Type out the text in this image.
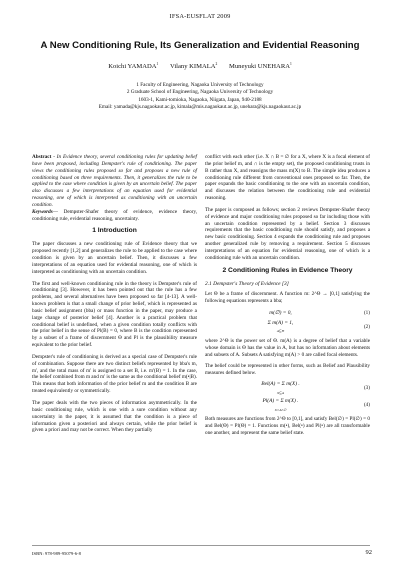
IFSA-EUSFLAT 2009
A New Conditioning Rule, Its Generalization and Evidential Reasoning
Koichi YAMADA$^1$ Vilany KIMALA$^2$ Muneyuki UNEHARA$^1$
1 Faculty of Engineering, Nagaoka University of Technology
2 Graduate School of Engineering, Nagaoka University of Technology
1603-1, Kami-tomioka, Nagaoka, Niigata, Japan, 940-2188
Email: yamada@kjs.nagaokaut.ac.jp, kimala@mis.nagaokaut.ac.jp, unehara@kjs.nagaokaut.ac.jp

Abstract - In Evidence theory, several conditioning rules for updating belief have been proposed, including Dempster's rule of conditioning. The paper views the conditioning rules proposed so far and proposes a new rule of conditioning based on three requirements. Then, it generalizes the rule to be applied to the case where condition is given by an uncertain belief. The paper also discusses a few interpretations of an equation used for evidential reasoning, one of which is interpreted as conditioning with an uncertain condition.

Keywords— Dempster-Shafer theory of evidence, evidence theory, conditioning rule, evidential reasoning, uncertainty.

1 Introduction

The paper discusses a new conditioning rule of Evidence theory that we proposed recently [1,2] and generalizes the rule to be applied to the case where condition is given by an uncertain belief. Then, it discusses a few interpretations of an equation used for evidential reasoning, one of which is interpreted as conditioning with an uncertain condition.

The first and well-known conditioning rule in the theory is Dempster's rule of conditioning [3]. However, it has been pointed out that the rule has a few problems, and several alternatives have been proposed so far [4-13]. A well-known problem is that a small change of prior belief, which is represented as basic belief assignment (bba) or mass function in the paper, may produce a large change of posterior belief [4]. Another is a practical problem that conditional belief is undefined, when a given condition totally conflicts with the prior belief in the sense of Pl(B) = 0, where B is the condition represented by a subset of a frame of discernment Θ and Pl is the plausibility measure equivalent to the prior belief.

Dempster's rule of conditioning is derived as a special case of Dempster's rule of combination. Suppose there are two distinct beliefs represented by bba's m, m', and the total mass of m' is assigned to a set B, i.e. m'(B) = 1. In the case, the belief combined from m and m' is the same as the conditional belief m(•|B). This means that both information of the prior belief m and the condition B are treated equivalently or symmetrically.

The paper deals with the two pieces of information asymmetrically. In the basic conditioning rule, which is one with a sure condition without any uncertainty in the paper, it is assumed that the condition is a piece of information given a posteriori and always certain, while the prior belief is given a priori and may not be correct. When they partially

conflict with each other (i.e. X ∩ B = ∅ for a X, where X is a focal element of the prior belief m, and ∩ is the empty set), the proposed conditioning trusts in B rather than X, and reassigns the mass m(X) to B. The simple idea produces a conditioning rule different from conventional ones proposed so far. Then, the paper expands the basic conditioning to the one with an uncertain condition, and discusses the relation between the conditioning rule and evidential reasoning.

The paper is composed as follows; section 2 reviews Dempster-Shafer theory of evidence and major conditioning rules proposed so far including those with an uncertain condition represented by a belief. Section 3 discusses requirements that the basic conditioning rule should satisfy, and proposes a new basic conditioning. Section 4 expands the conditioning rule and proposes another generalized rule by removing a requirement. Section 5 discusses interpretations of an equation for evidential reasoning, one of which is a conditioning rule with an uncertain condition.

2 Conditioning Rules in Evidence Theory
2.1 Dempster's Theory of Evidence [3]

Let Θ be a frame of discernment. A function m: 2^Θ → [0,1] satisfying the following equations represents a bba;

m(∅) = 0,	(1)
Σ m(A) = 1,
$_{A⊆\Theta}$
(2)

where 2^Θ is the power set of Θ. m(A) is a degree of belief that a variable whose domain is Θ has the value in A, but has no information about elements and subsets of A. Subsets A satisfying m(A) > 0 are called focal elements.

The belief could be represented in other forms, such as Belief and Plausibility measures defined below.

Bel(A) = Σ m(X) .
$_{X⊆A}$
(3)
Pl(A) = Σ m(X) .
$_{X\cap A\ne\emptyset}$
(4)

Both measures are functions from 2^Θ to [0,1], and satisfy Bel(∅) = Pl(∅) = 0 and Bel(Θ) = Pl(Θ) = 1. Functions m(•), Bel(•) and Pl(•) are all transformable one another, and represent the same belief state.

ISBN: 978-989-95079-6-8	92
